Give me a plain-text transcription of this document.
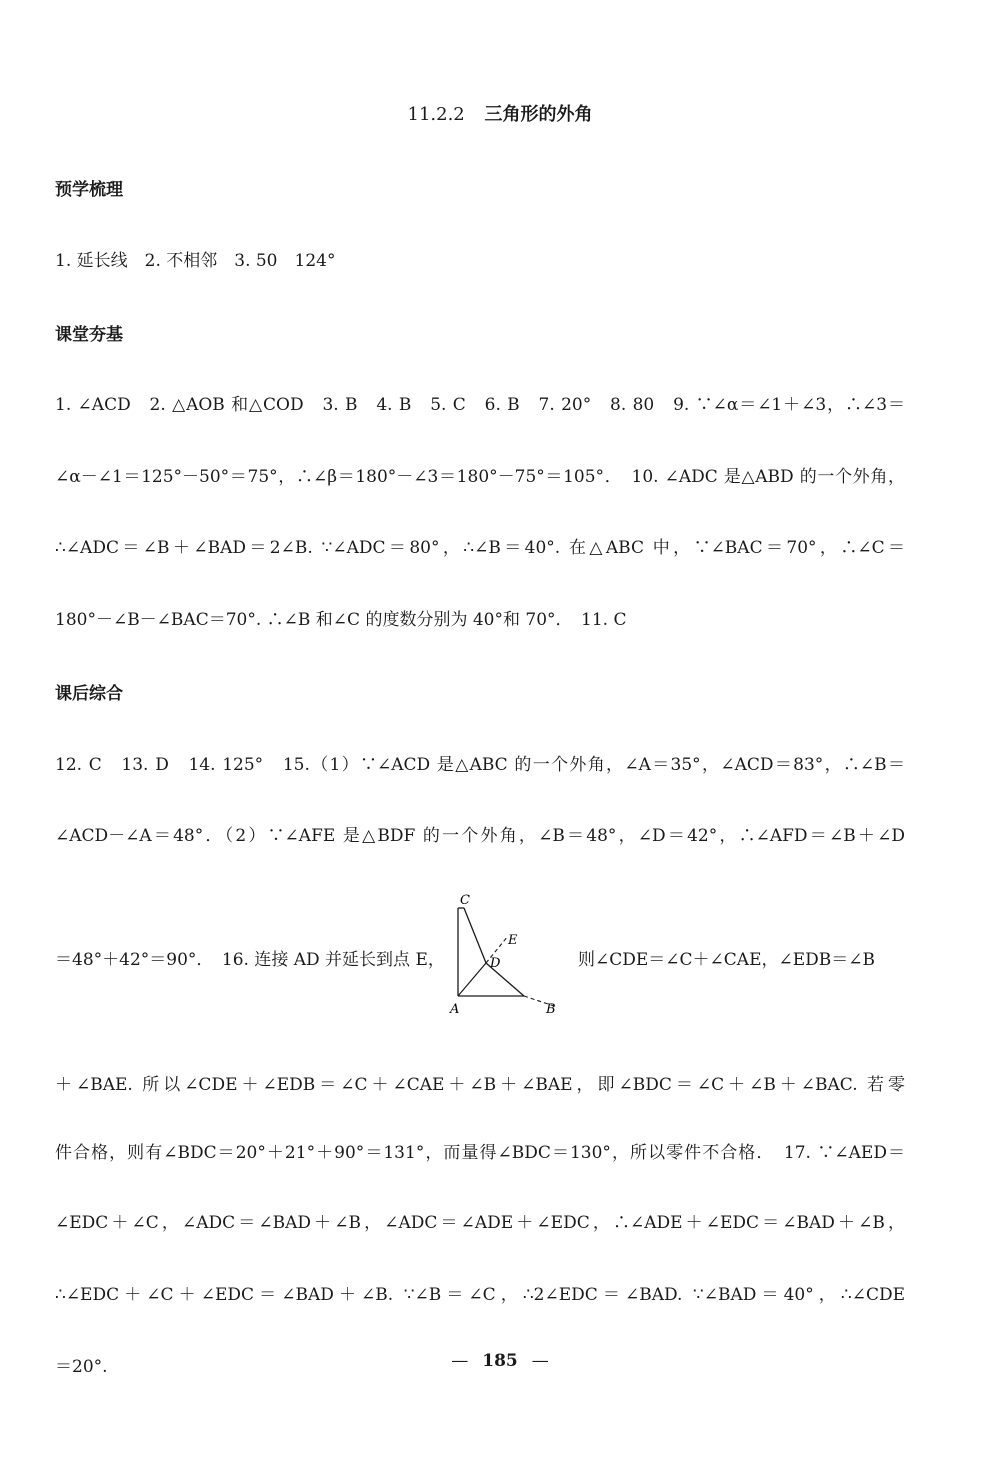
11.2.2 三角形的外角
预学梳理
1. 延长线　2. 不相邻　3. 50　124°
课堂夯基
1. ∠ACD　2. △AOB 和△COD　3. B　4. B　5. C　6. B　7. 20°　8. 80　9. ∵∠α＝∠1＋∠3，∴∠3＝
∠α－∠1＝125°－50°＝75°，∴∠β＝180°－∠3＝180°－75°＝105°．　10. ∠ADC 是△ABD 的一个外角，
∴∠ADC＝∠B＋∠BAD＝2∠B. ∵∠ADC＝80°，∴∠B＝40°. 在△ABC 中，∵∠BAC＝70°，∴∠C＝
180°－∠B－∠BAC＝70°. ∴∠B 和∠C 的度数分别为 40°和 70°．　11. C
课后综合
12. C　13. D　14. 125°　15.（1）∵∠ACD 是△ABC 的一个外角，∠A＝35°，∠ACD＝83°，∴∠B＝
∠ACD－∠A＝48°．（2）∵∠AFE 是△BDF 的一个外角，∠B＝48°，∠D＝42°，∴∠AFD＝∠B＋∠D
＝48°＋42°＝90°．　16. 连接 AD 并延长到点 E，	则∠CDE＝∠C＋∠CAE，∠EDB＝∠B
C
E
D
A	B
＋∠BAE. 所以∠CDE＋∠EDB＝∠C＋∠CAE＋∠B＋∠BAE，即∠BDC＝∠C＋∠B＋∠BAC. 若零
件合格，则有∠BDC＝20°＋21°＋90°＝131°，而量得∠BDC＝130°，所以零件不合格．　17. ∵∠AED＝
∠EDC＋∠C，∠ADC＝∠BAD＋∠B，∠ADC＝∠ADE＋∠EDC，∴∠ADE＋∠EDC＝∠BAD＋∠B，
∴∠EDC＋∠C＋∠EDC＝∠BAD＋∠B. ∵∠B＝∠C，∴2∠EDC＝∠BAD. ∵∠BAD＝40°，∴∠CDE
＝20°.	— 185 —
